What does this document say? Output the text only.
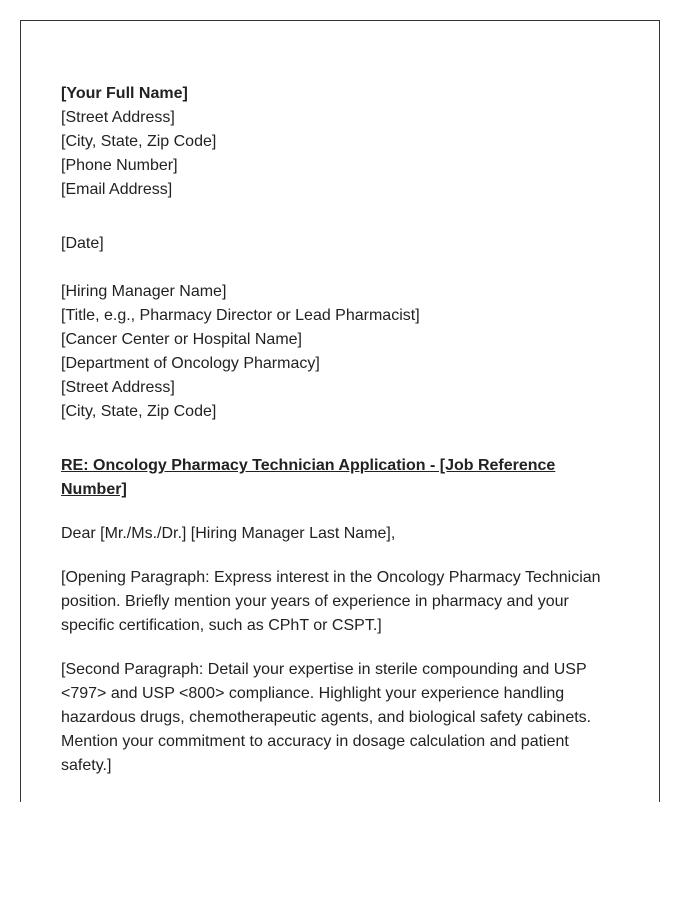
[Your Full Name]
[Street Address]
[City, State, Zip Code]
[Phone Number]
[Email Address]
[Date]
[Hiring Manager Name]
[Title, e.g., Pharmacy Director or Lead Pharmacist]
[Cancer Center or Hospital Name]
[Department of Oncology Pharmacy]
[Street Address]
[City, State, Zip Code]
RE: Oncology Pharmacy Technician Application - [Job Reference Number]
Dear [Mr./Ms./Dr.] [Hiring Manager Last Name],
[Opening Paragraph: Express interest in the Oncology Pharmacy Technician position. Briefly mention your years of experience in pharmacy and your specific certification, such as CPhT or CSPT.]
[Second Paragraph: Detail your expertise in sterile compounding and USP <797> and USP <800> compliance. Highlight your experience handling hazardous drugs, chemotherapeutic agents, and biological safety cabinets. Mention your commitment to accuracy in dosage calculation and patient safety.]
